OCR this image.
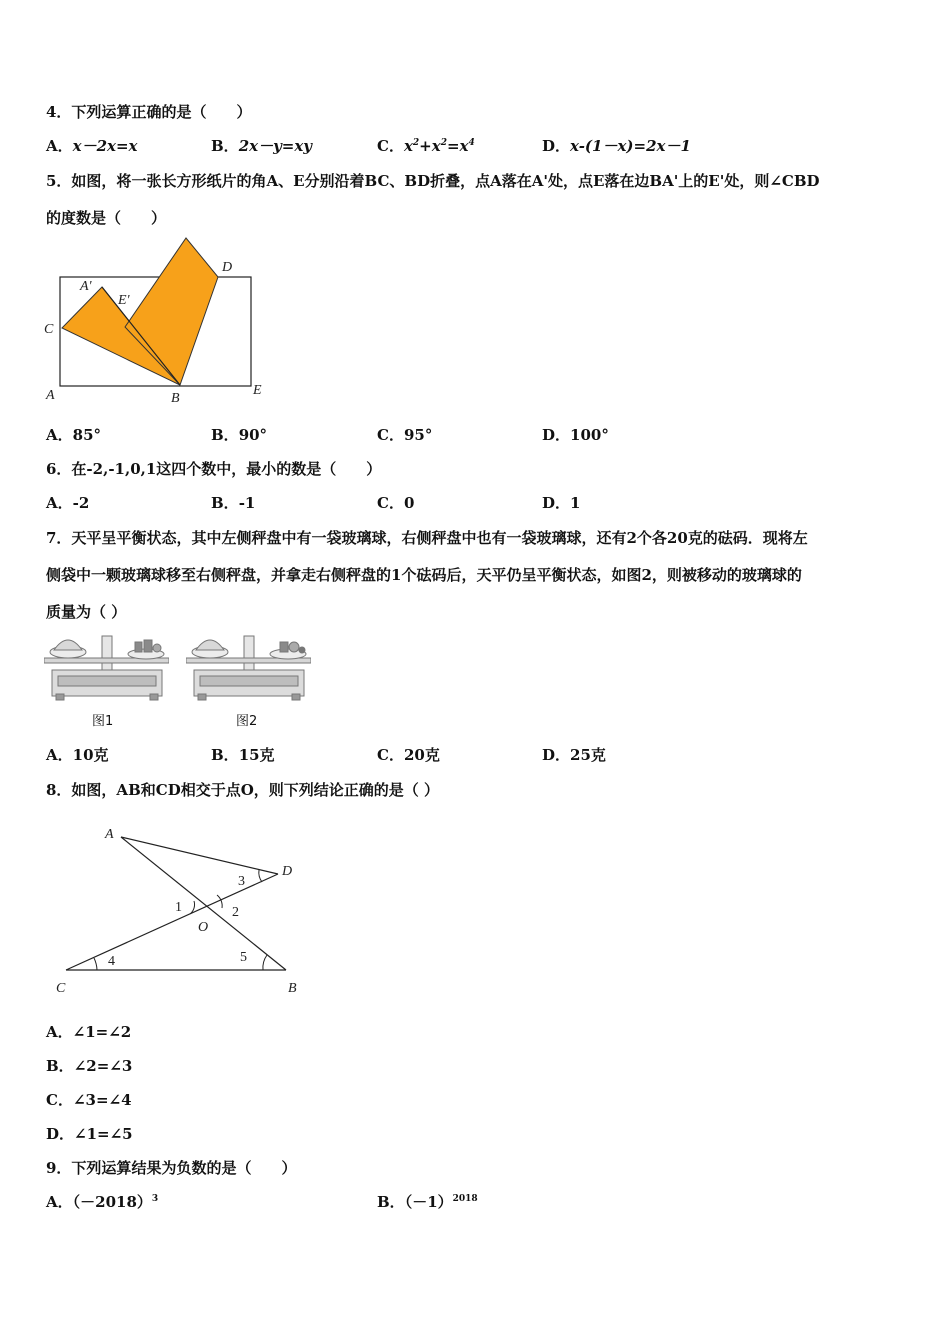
4．下列运算正确的是（　　）
A．x－2x=x	B．2x－y=xy	C．$x^2+x^2=x^4$	D．x-(1－x)=2x－1
5．如图，将一张长方形纸片的角A、E分别沿着BC、BD折叠，点A落在A'处，点E落在边BA'上的E'处，则∠CBD
的度数是（　　）
D
A'
E'
C
A	B
E
A．85°	B．90°	C．95°	D．100°
6．在-2,-1,0,1这四个数中，最小的数是（　　）
A．-2	B．-1	C．0	D．1
7．天平呈平衡状态，其中左侧秤盘中有一袋玻璃球，右侧秤盘中也有一袋玻璃球，还有2个各20克的砝码．现将左
侧袋中一颗玻璃球移至右侧秤盘，并拿走右侧秤盘的1个砝码后，天平仍呈平衡状态，如图2，则被移动的玻璃球的
质量为（ ）
图1	图2
A．10克	B．15克	C．20克	D．25克
8．如图，AB和CD相交于点O，则下列结论正确的是（ ）
A
D
O
C	B
3
1	2
4	5
A．∠1=∠2
B．∠2=∠3
C．∠3=∠4
D．∠1=∠5
9．下列运算结果为负数的是（　　）
A．$(-2018)^3$	B．$(-1)^{2018}$
